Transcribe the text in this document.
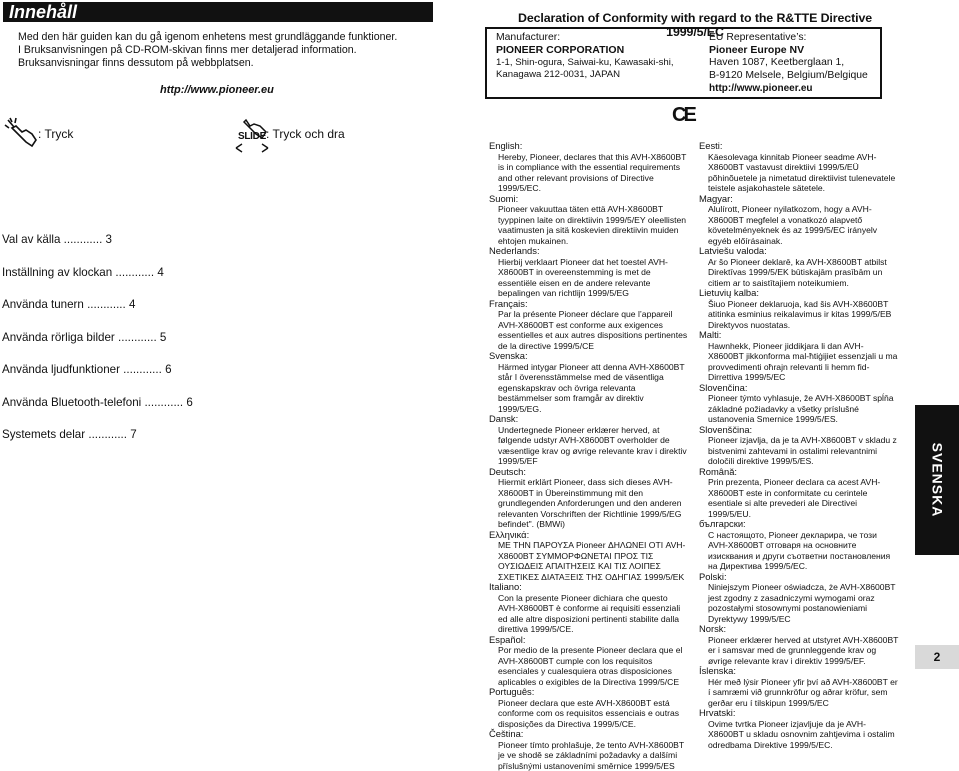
Innehåll
Med den här guiden kan du gå igenom enhetens mest grundläggande funktioner.
I Bruksanvisningen på CD-ROM-skivan finns mer detaljerad information.
Bruksanvisningar finns dessutom på webbplatsen.
http://www.pioneer.eu
: Tryck	SLIDE : Tryck och dra
Val av källa ............ 3
Inställning av klockan ............ 4
Använda tunern ............ 4
Använda rörliga bilder ............ 5
Använda ljudfunktioner ............ 6
Använda Bluetooth-telefoni ............ 6
Systemets delar ............ 7
Declaration of Conformity with regard to the R&TTE Directive 1999/5/EC
Manufacturer:
PIONEER CORPORATION
1-1, Shin-ogura, Saiwai-ku, Kawasaki-shi,
Kanagawa 212-0031, JAPAN
EU Representative’s:
Pioneer Europe NV
Haven 1087, Keetberglaan 1,
B-9120 Melsele, Belgium/Belgique
http://www.pioneer.eu
CE
English:
Hereby, Pioneer, declares that this AVH-X8600BT is in compliance with the essential requirements and other relevant provisions of Directive 1999/5/EC.
Suomi:
Pioneer vakuuttaa täten että AVH-X8600BT tyyppinen laite on direktiivin 1999/5/EY oleellisten vaatimusten ja sitä koskevien direktiivin muiden ehtojen mukainen.
Nederlands:
Hierbij verklaart Pioneer dat het toestel AVH-X8600BT in overeenstemming is met de essentiële eisen en de andere relevante bepalingen van richtlijn 1999/5/EG
Français:
Par la présente Pioneer déclare que l’appareil AVH-X8600BT est conforme aux exigences essentielles et aux autres dispositions pertinentes de la directive 1999/5/CE
Svenska:
Härmed intygar Pioneer att denna AVH-X8600BT står I överensstämmelse med de väsentliga egenskapskrav och övriga relevanta bestämmelser som framgår av direktiv 1999/5/EG.
Dansk:
Undertegnede Pioneer erklærer herved, at følgende udstyr AVH-X8600BT overholder de væsentlige krav og øvrige relevante krav i direktiv 1999/5/EF
Deutsch:
Hiermit erklärt Pioneer, dass sich dieses AVH-X8600BT in Übereinstimmung mit den grundlegenden Anforderungen und den anderen relevanten Vorschriften der Richtlinie 1999/5/EG befindet". (BMWi)
Ελληνικά:
ΜΕ ΤΗΝ ΠΑΡΟΥΣΑ Pioneer ΔΗΛΩΝΕΙ ΟΤΙ AVH-X8600BT ΣΥΜΜΟΡΦΩΝΕΤΑΙ ΠΡΟΣ ΤΙΣ ΟΥΣΙΩΔΕΙΣ ΑΠΑΙΤΗΣΕΙΣ ΚΑΙ ΤΙΣ ΛΟΙΠΕΣ ΣΧΕΤΙΚΕΣ ΔΙΑΤΑΞΕΙΣ ΤΗΣ ΟΔΗΓΙΑΣ 1999/5/ΕΚ
Italiano:
Con la presente Pioneer dichiara che questo AVH-X8600BT è conforme ai requisiti essenziali ed alle altre disposizioni pertinenti stabilite dalla direttiva 1999/5/CE.
Español:
Por medio de la presente Pioneer declara que el AVH-X8600BT cumple con los requisitos esenciales y cualesquiera otras disposiciones aplicables o exigibles de la Directiva 1999/5/CE
Português:
Pioneer declara que este AVH-X8600BT está conforme com os requisitos essenciais e outras disposições da Directiva 1999/5/CE.
Čeština:
Pioneer tímto prohlašuje, že tento AVH-X8600BT je ve shodě se základními požadavky a dalšími příslušnými ustanoveními směrnice 1999/5/ES
Eesti:
Käesolevaga kinnitab Pioneer seadme AVH-X8600BT vastavust direktiivi 1999/5/EÜ põhinõuetele ja nimetatud direktiivist tulenevatele teistele asjakohastele sätetele.
Magyar:
Alulírott, Pioneer nyilatkozom, hogy a AVH-X8600BT megfelel a vonatkozó alapvető követelményeknek és az 1999/5/EC irányelv egyéb előírásainak.
Latviešu valoda:
Ar šo Pioneer deklarē, ka AVH-X8600BT atbilst Direktīvas 1999/5/EK būtiskajām prasībām un citiem ar to saistītajiem noteikumiem.
Lietuvių kalba:
Šiuo Pioneer deklaruoja, kad šis AVH-X8600BT atitinka esminius reikalavimus ir kitas 1999/5/EB Direktyvos nuostatas.
Malti:
Hawnhekk, Pioneer jiddikjara li dan AVH-X8600BT jikkonforma mal-ħtiġijiet essenzjali u ma provvedimenti oħrajn relevanti li hemm fid-Dirrettiva 1999/5/EC
Slovenčina:
Pioneer týmto vyhlasuje, že AVH-X8600BT spĺňa základné požiadavky a všetky príslušné ustanovenia Smernice 1999/5/ES.
Slovenščina:
Pioneer izjavlja, da je ta AVH-X8600BT v skladu z bistvenimi zahtevami in ostalimi relevantnimi določili direktive 1999/5/ES.
Română:
Prin prezenta, Pioneer declara ca acest AVH-X8600BT este in conformitate cu cerintele esentiale si alte prevederi ale Directivei 1999/5/EU.
български:
С настоящото, Pioneer декларира, че този AVH-X8600BT отговаря на основните изисквания и други съответни постановления на Директива 1999/5/EC.
Polski:
Niniejszym Pioneer oświadcza, że AVH-X8600BT jest zgodny z zasadniczymi wymogami oraz pozostałymi stosownymi postanowieniami Dyrektywy 1999/5/EC
Norsk:
Pioneer erklærer herved at utstyret AVH-X8600BT er i samsvar med de grunnleggende krav og øvrige relevante krav i direktiv 1999/5/EF.
Íslenska:
Hér með lýsir Pioneer yfir því að AVH-X8600BT er í samræmi við grunnkröfur og aðrar kröfur, sem gerðar eru í tilskipun 1999/5/EC
Hrvatski:
Ovime tvrtka Pioneer izjavljuje da je AVH-X8600BT u skladu osnovnim zahtjevima i ostalim odredbama Direktive 1999/5/EC.
SVENSKA
2
